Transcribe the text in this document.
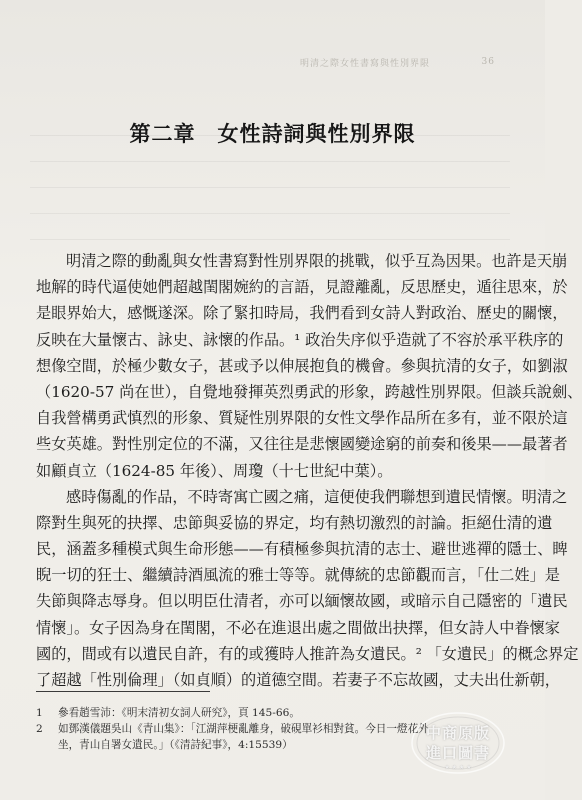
明清之際女性書寫與性別界限	36
第二章 女性詩詞與性別界限
明清之際的動亂與女性書寫對性別界限的挑戰，似乎互為因果。也許是天崩
地解的時代逼使她們超越閨閣婉約的言語，見證離亂，反思歷史，遁往思來，於
是眼界始大，感慨遂深。除了緊扣時局，我們看到女詩人對政治、歷史的關懷，
反映在大量懷古、詠史、詠懷的作品。¹ 政治失序似乎造就了不容於承平秩序的
想像空間，於極少數女子，甚或予以伸展抱負的機會。參與抗清的女子，如劉淑
（1620-57 尚在世），自覺地發揮英烈勇武的形象，跨越性別界限。但談兵說劍、
自我營構勇武慎烈的形象、質疑性別界限的女性文學作品所在多有，並不限於這
些女英雄。對性別定位的不滿，又往往是悲懷國變途窮的前奏和後果——最著者
如顧貞立（1624-85 年後）、周瓊（十七世紀中葉）。
感時傷亂的作品，不時寄寓亡國之痛，這便使我們聯想到遺民情懷。明清之
際對生與死的抉擇、忠節與妥協的界定，均有熱切激烈的討論。拒絕仕清的遺
民，涵蓋多種模式與生命形態——有積極參與抗清的志士、避世逃禪的隱士、睥
睨一切的狂士、繼續詩酒風流的雅士等等。就傳統的忠節觀而言，「仕二姓」是
失節與降志辱身。但以明臣仕清者，亦可以緬懷故國，或暗示自己隱密的「遺民
情懷」。女子因為身在閨閣，不必在進退出處之間做出抉擇，但女詩人中眷懷家
國的，間或有以遺民自許，有的或獲時人推許為女遺民。² 「女遺民」的概念界定
了超越「性別倫理」（如貞順）的道德空間。若妻子不忘故國，丈夫出仕新朝，
1 參看趙雪沛：《明末清初女詞人研究》，頁 145-66。
2 如鄧漢儀題吳山《青山集》：「江湖萍梗亂離身，破硯單衫相對貧。今日一燈花外
坐，青山自署女遺民。」（《清詩紀事》，4:15539）
中商原版
進口圖書
★ ★ ★ ★
